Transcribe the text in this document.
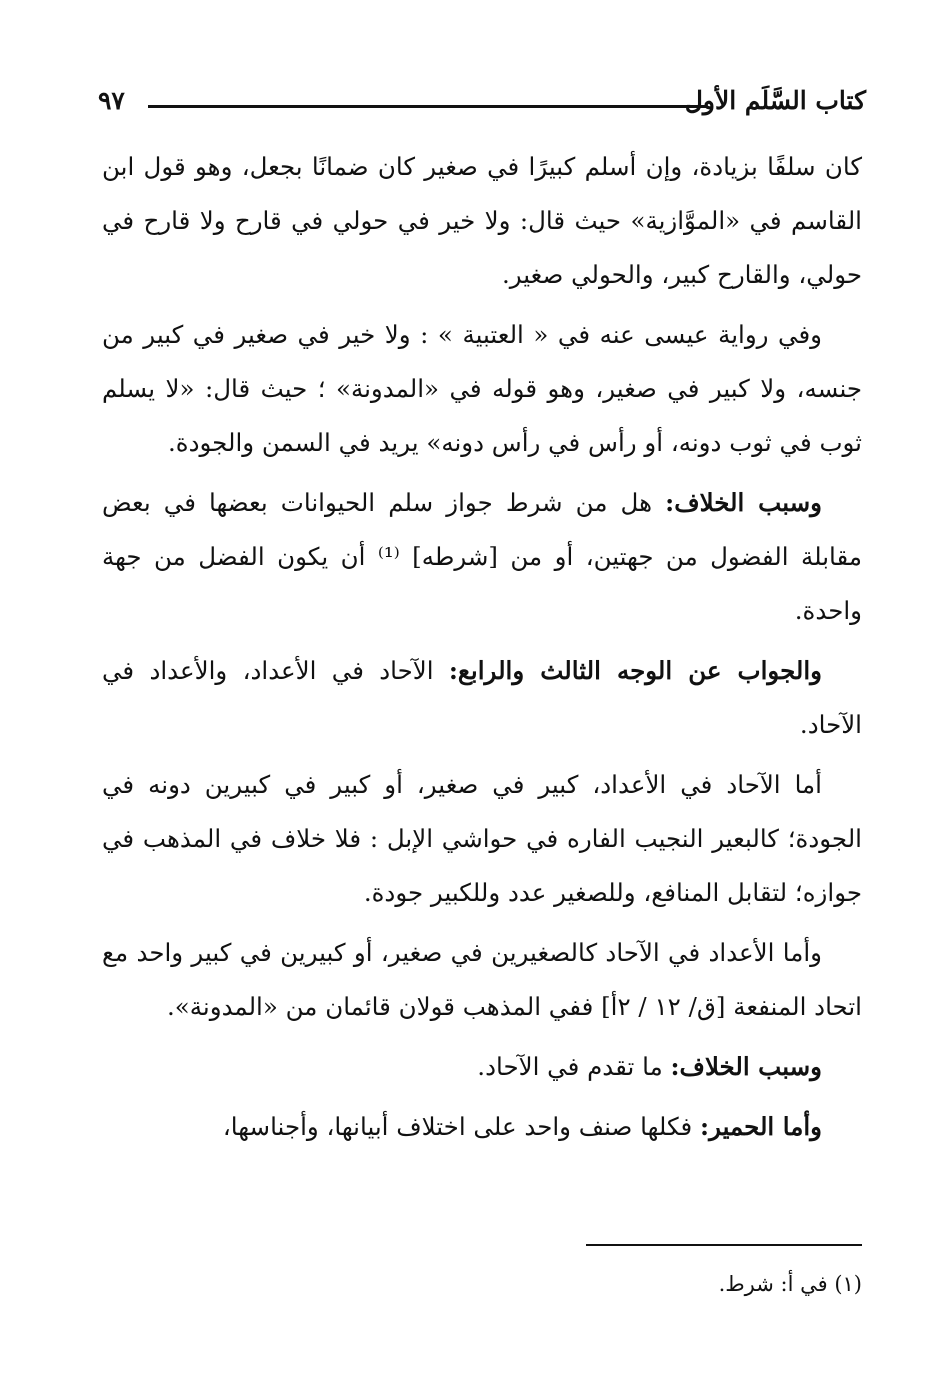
كتاب السَّلَم الأول
٩٧

كان سلفًا بزيادة، وإن أسلم كبيرًا في صغير كان ضمانًا بجعل، وهو قول ابن القاسم في «الموَّازية» حيث قال: ولا خير في حولي في قارح ولا قارح في حولي، والقارح كبير، والحولي صغير.

وفي رواية عيسى عنه في « العتبية » : ولا خير في صغير في كبير من جنسه، ولا كبير في صغير، وهو قوله في «المدونة» ؛ حيث قال: «لا يسلم ثوب في ثوب دونه، أو رأس في رأس دونه» يريد في السمن والجودة.

وسبب الخلاف: هل من شرط جواز سلم الحيوانات بعضها في بعض مقابلة الفضول من جهتين، أو من [شرطه] ⁽¹⁾ أن يكون الفضل من جهة واحدة.

والجواب عن الوجه الثالث والرابع: الآحاد في الأعداد، والأعداد في الآحاد.

أما الآحاد في الأعداد، كبير في صغير، أو كبير في كبيرين دونه في الجودة؛ كالبعير النجيب الفاره في حواشي الإبل : فلا خلاف في المذهب في جوازه؛ لتقابل المنافع، وللصغير عدد وللكبير جودة.

وأما الأعداد في الآحاد كالصغيرين في صغير، أو كبيرين في كبير واحد مع اتحاد المنفعة [ق/ ١٢ / ٢أ] ففي المذهب قولان قائمان من «المدونة».

وسبب الخلاف: ما تقدم في الآحاد.

وأما الحمير: فكلها صنف واحد على اختلاف أبيانها، وأجناسها،

(١) في أ: شرط.
